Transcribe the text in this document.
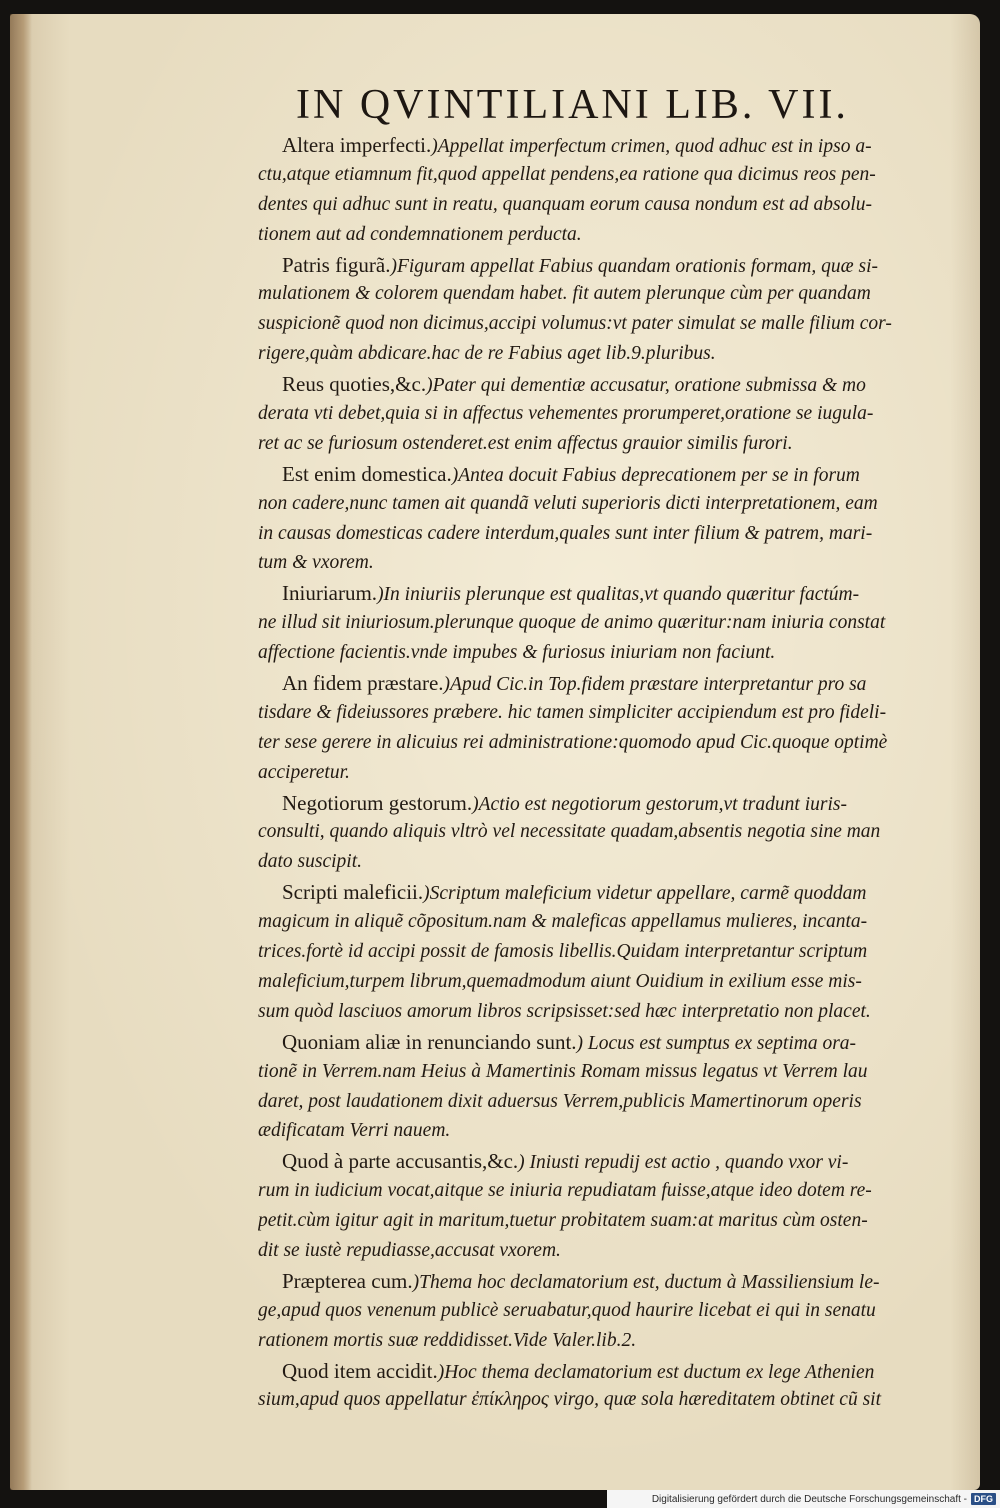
IN QVINTILIANI LIB. VII.
Altera imperfecti.)Appellat imperfectum crimen, quod adhuc est in ipso a-
ctu,atque etiamnum fit,quod appellat pendens,ea ratione qua dicimus reos pen-
dentes qui adhuc sunt in reatu, quanquam eorum causa nondum est ad absolu-
tionem aut ad condemnationem perducta.
Patris figurã.)Figuram appellat Fabius quandam orationis formam, quæ si-
mulationem & colorem quendam habet. fit autem plerunque cùm per quandam
suspicionẽ quod non dicimus,accipi volumus:vt pater simulat se malle filium cor-
rigere,quàm abdicare.hac de re Fabius aget lib.9.pluribus.
Reus quoties,&c.)Pater qui dementiæ accusatur, oratione submissa & mo
derata vti debet,quia si in affectus vehementes prorumperet,oratione se iugula-
ret ac se furiosum ostenderet.est enim affectus grauior similis furori.
Est enim domestica.)Antea docuit Fabius deprecationem per se in forum
non cadere,nunc tamen ait quandã veluti superioris dicti interpretationem, eam
in causas domesticas cadere interdum,quales sunt inter filium & patrem, mari-
tum & vxorem.
Iniuriarum.)In iniuriis plerunque est qualitas,vt quando quæritur factúm-
ne illud sit iniuriosum.plerunque quoque de animo quæritur:nam iniuria constat
affectione facientis.vnde impubes & furiosus iniuriam non faciunt.
An fidem præstare.)Apud Cic.in Top.fidem præstare interpretantur pro sa
tisdare & fideiussores præbere. hic tamen simpliciter accipiendum est pro fideli-
ter sese gerere in alicuius rei administratione:quomodo apud Cic.quoque optimè
acciperetur.
Negotiorum gestorum.)Actio est negotiorum gestorum,vt tradunt iuris-
consulti, quando aliquis vltrò vel necessitate quadam,absentis negotia sine man
dato suscipit.
Scripti maleficii.)Scriptum maleficium videtur appellare, carmẽ quoddam
magicum in aliquẽ cõpositum.nam & maleficas appellamus mulieres, incanta-
trices.fortè id accipi possit de famosis libellis.Quidam interpretantur scriptum
maleficium,turpem librum,quemadmodum aiunt Ouidium in exilium esse mis-
sum quòd lasciuos amorum libros scripsisset:sed hæc interpretatio non placet.
Quoniam aliæ in renunciando sunt.) Locus est sumptus ex septima ora-
tionẽ in Verrem.nam Heius à Mamertinis Romam missus legatus vt Verrem lau
daret, post laudationem dixit aduersus Verrem,publicis Mamertinorum operis
ædificatam Verri nauem.
Quod à parte accusantis,&c.) Iniusti repudij est actio , quando vxor vi-
rum in iudicium vocat,aitque se iniuria repudiatam fuisse,atque ideo dotem re-
petit.cùm igitur agit in maritum,tuetur probitatem suam:at maritus cùm osten-
dit se iustè repudiasse,accusat vxorem.
Præpterea cum.)Thema hoc declamatorium est, ductum à Massiliensium le-
ge,apud quos venenum publicè seruabatur,quod haurire licebat ei qui in senatu
rationem mortis suæ reddidisset.Vide Valer.lib.2.
Quod item accidit.)Hoc thema declamatorium est ductum ex lege Athenien
sium,apud quos appellatur ἐπίκληρος virgo, quæ sola hæreditatem obtinet cũ sit
Digitalisierung gefördert durch die Deutsche Forschungsgemeinschaft - DFG
